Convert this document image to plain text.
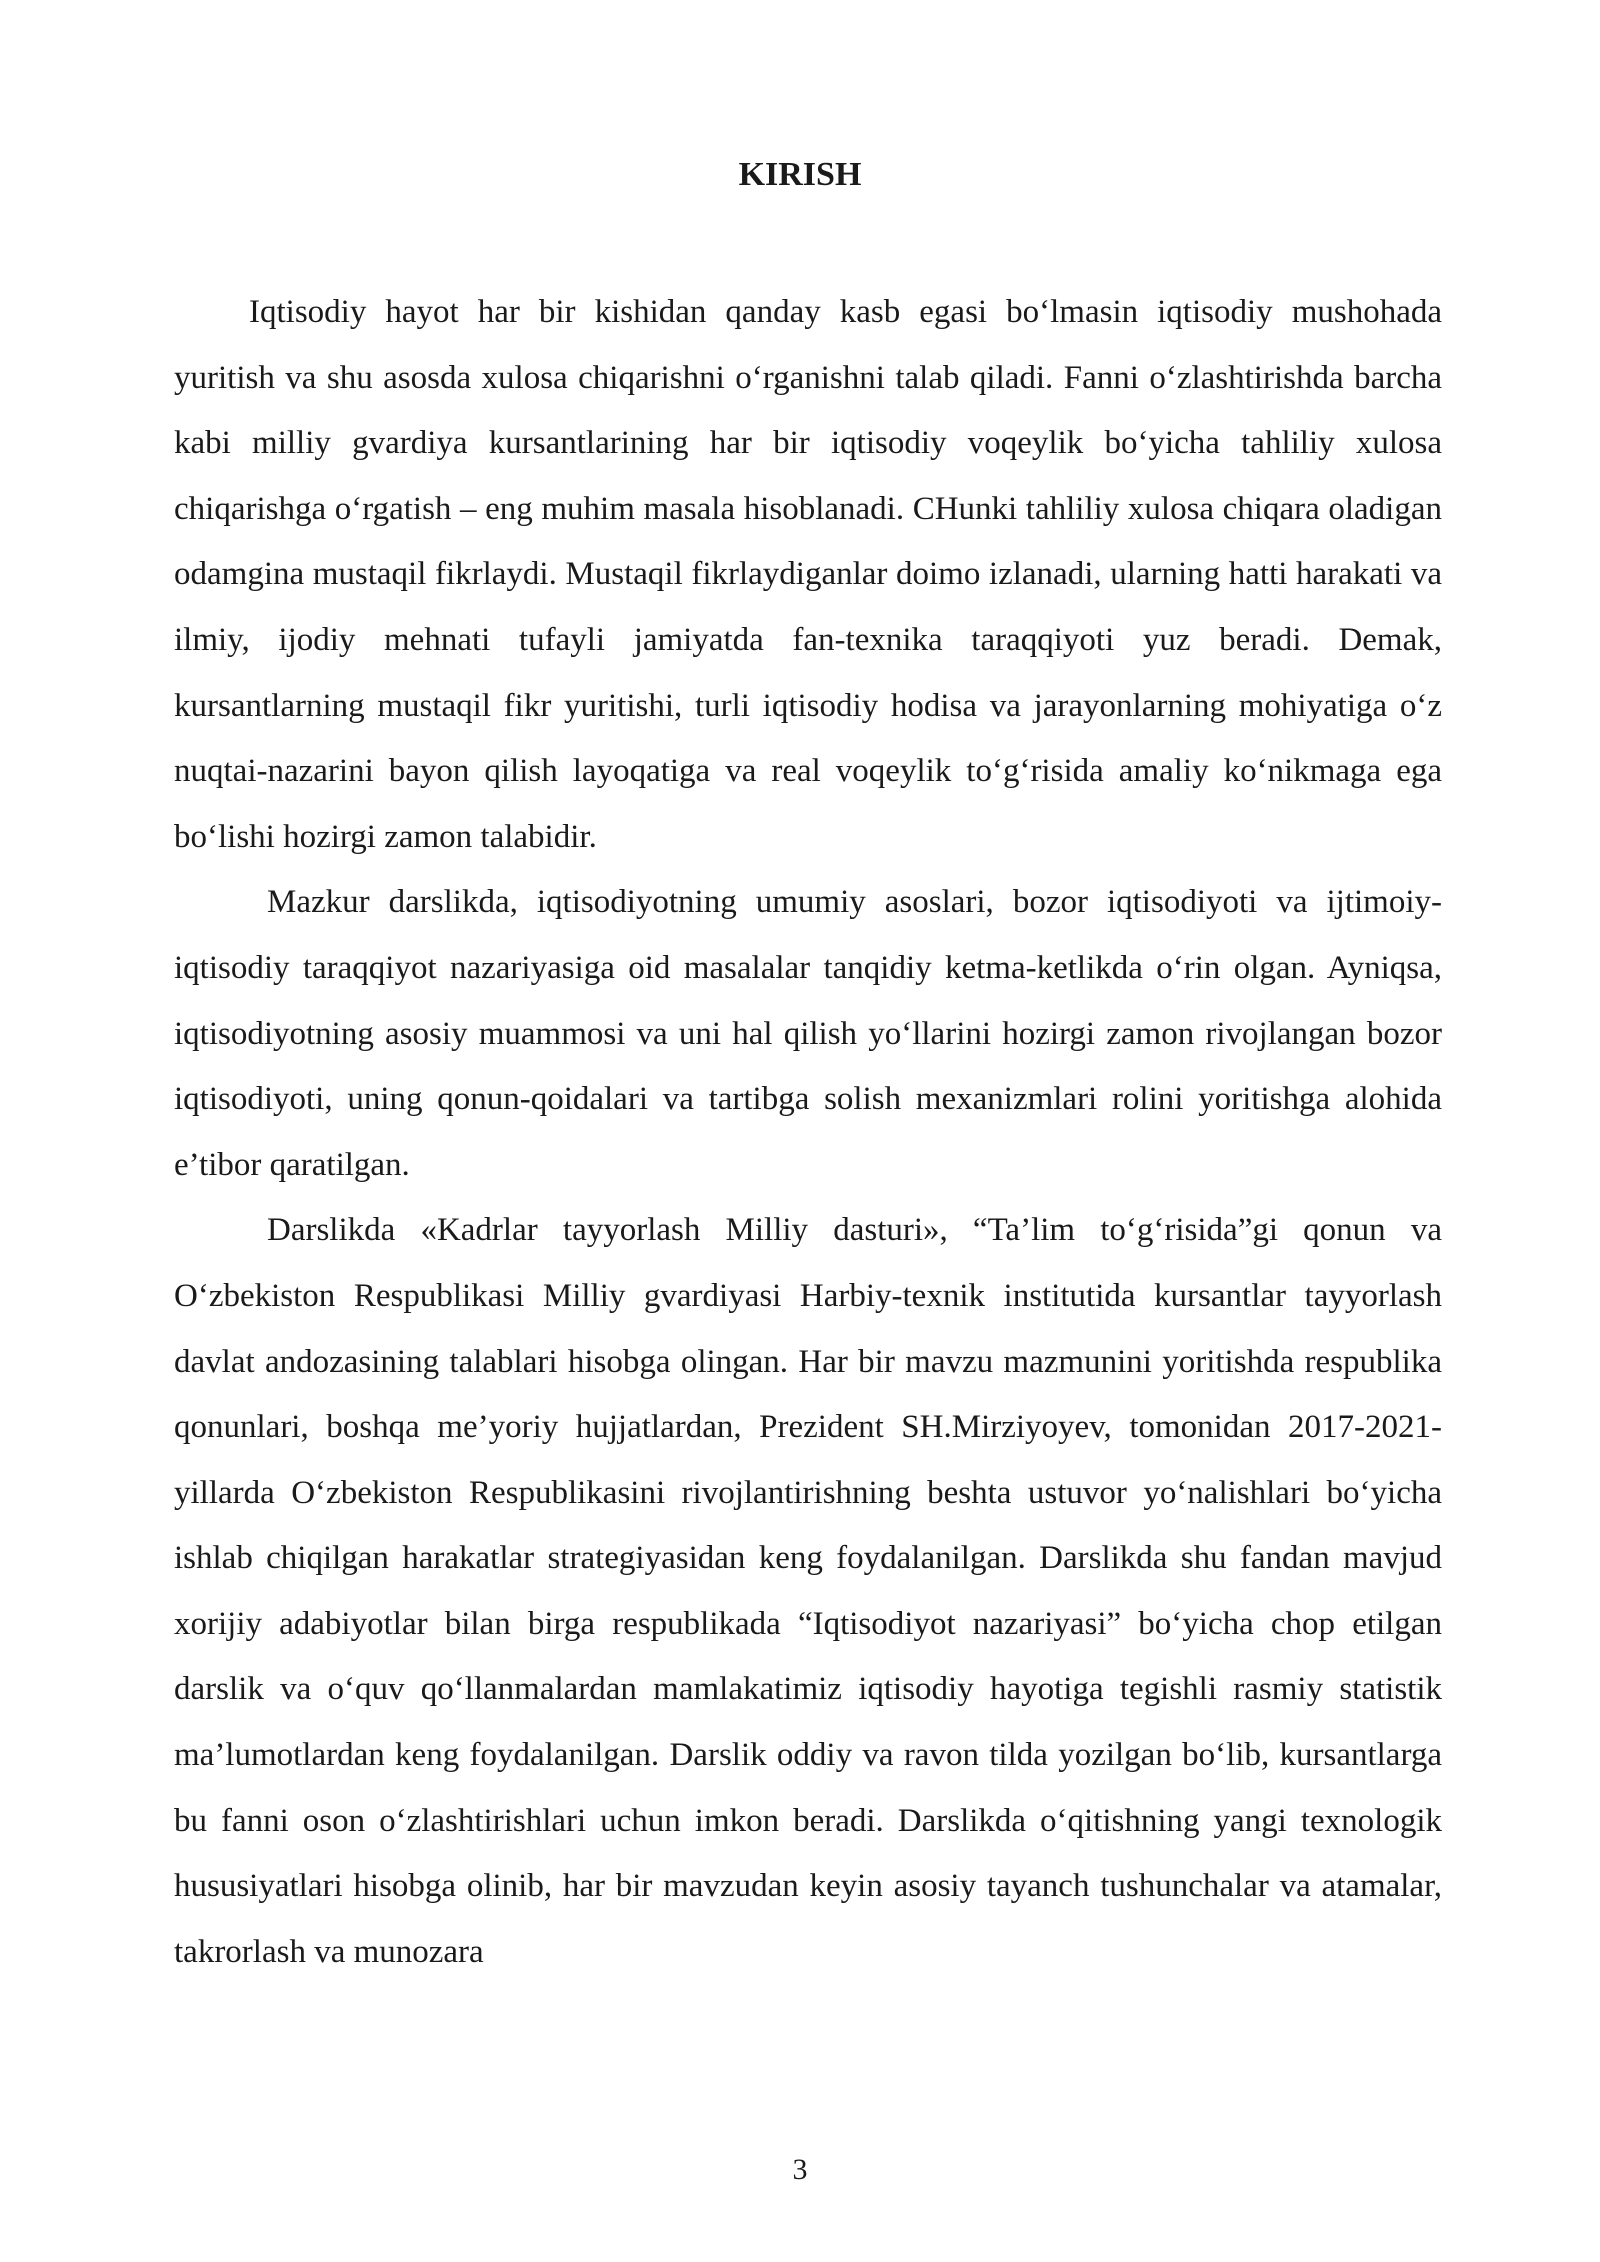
KIRISH

Iqtisodiy hayot har bir kishidan qanday kasb egasi bo‘lmasin iqtisodiy mushohada yuritish va shu asosda xulosa chiqarishni o‘rganishni talab qiladi. Fanni o‘zlashtirishda barcha kabi milliy gvardiya kursantlarining har bir iqtisodiy voqeylik bo‘yicha tahliliy xulosa chiqarishga o‘rgatish – eng muhim masala hisoblanadi. CHunki tahliliy xulosa chiqara oladigan odamgina mustaqil fikrlaydi. Mustaqil fikrlaydiganlar doimo izlanadi, ularning hatti harakati va ilmiy, ijodiy mehnati tufayli jamiyatda fan-texnika taraqqiyoti yuz beradi. Demak, kursantlarning mustaqil fikr yuritishi, turli iqtisodiy hodisa va jarayonlarning mohiyatiga o‘z nuqtai-nazarini bayon qilish layoqatiga va real voqeylik to‘g‘risida amaliy ko‘nikmaga ega bo‘lishi hozirgi zamon talabidir.

Mazkur darslikda, iqtisodiyotning umumiy asoslari, bozor iqtisodiyoti va ijtimoiy-iqtisodiy taraqqiyot nazariyasiga oid masalalar tanqidiy ketma-ketlikda o‘rin olgan. Ayniqsa, iqtisodiyotning asosiy muammosi va uni hal qilish yo‘llarini hozirgi zamon rivojlangan bozor iqtisodiyoti, uning qonun-qoidalari va tartibga solish mexanizmlari rolini yoritishga alohida e’tibor qaratilgan.

Darslikda «Kadrlar tayyorlash Milliy dasturi», “Ta’lim to‘g‘risida”gi qonun va O‘zbekiston Respublikasi Milliy gvardiyasi Harbiy-texnik institutida kursantlar tayyorlash davlat andozasining talablari hisobga olingan. Har bir mavzu mazmunini yoritishda respublika qonunlari, boshqa me’yoriy hujjatlardan, Prezident SH.Mirziyoyev, tomonidan 2017-2021-yillarda O‘zbekiston Respublikasini rivojlantirishning beshta ustuvor yo‘nalishlari bo‘yicha ishlab chiqilgan harakatlar strategiyasidan keng foydalanilgan. Darslikda shu fandan mavjud xorijiy adabiyotlar bilan birga respublikada “Iqtisodiyot nazariyasi” bo‘yicha chop etilgan darslik va o‘quv qo‘llanmalardan mamlakatimiz iqtisodiy hayotiga tegishli rasmiy statistik ma’lumotlardan keng foydalanilgan. Darslik oddiy va ravon tilda yozilgan bo‘lib, kursantlarga bu fanni oson o‘zlashtirishlari uchun imkon beradi. Darslikda o‘qitishning yangi texnologik hususiyatlari hisobga olinib, har bir mavzudan keyin asosiy tayanch tushunchalar va atamalar, takrorlash va munozara

3
